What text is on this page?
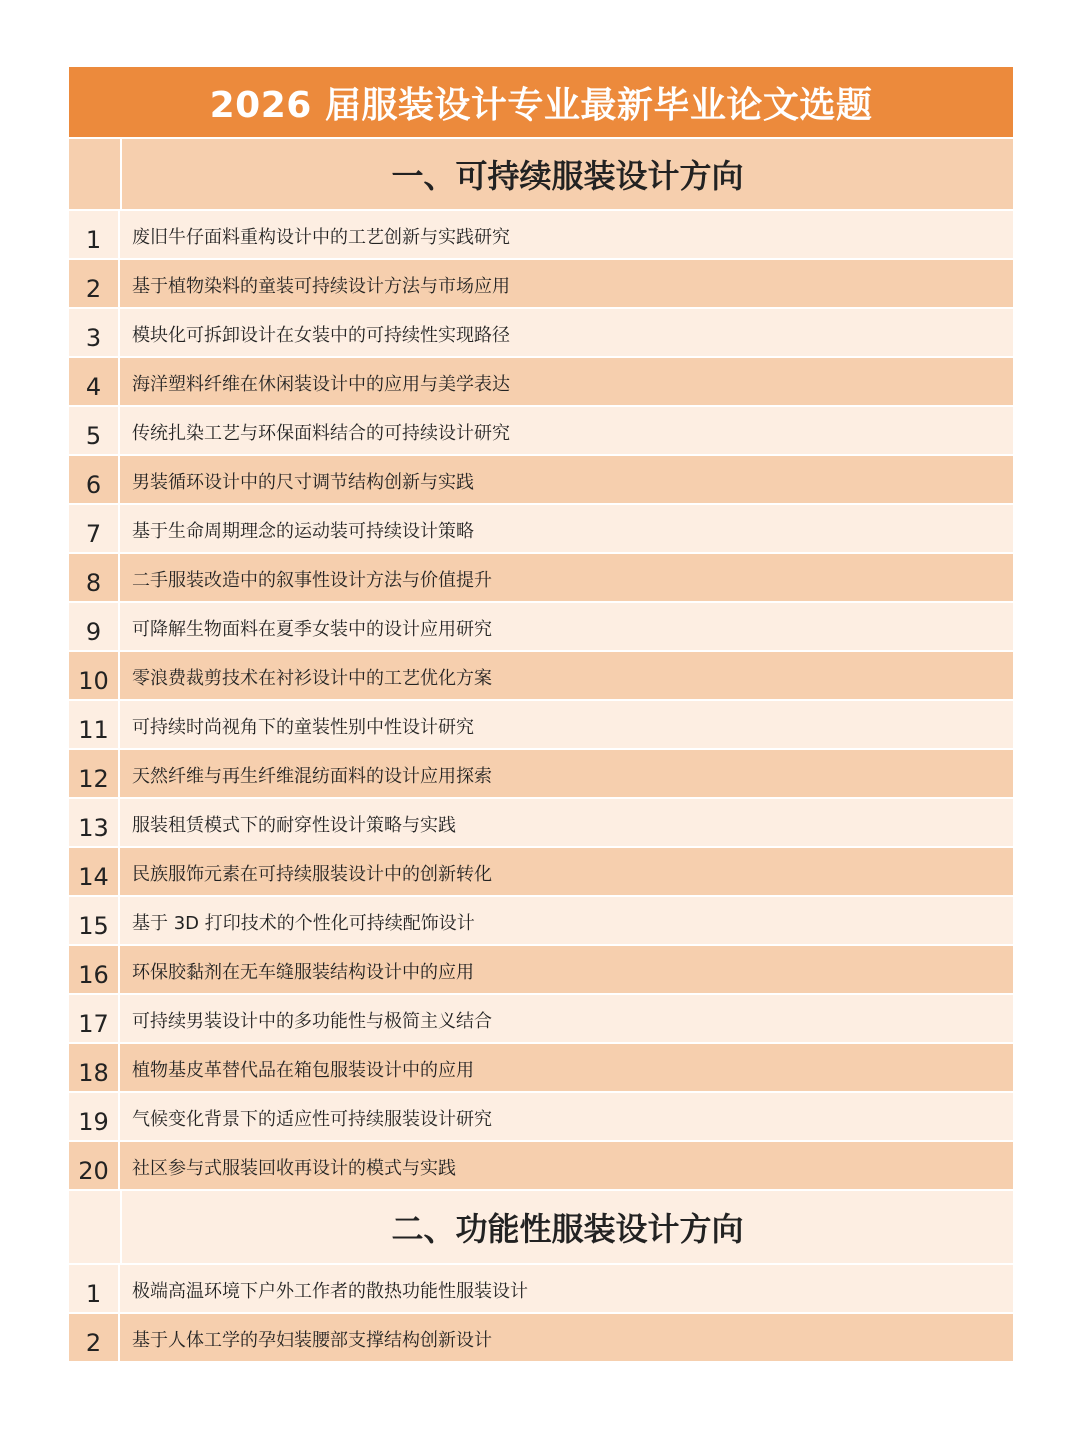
2026 届服装设计专业最新毕业论文选题
一、可持续服装设计方向
1	废旧牛仔面料重构设计中的工艺创新与实践研究
2	基于植物染料的童装可持续设计方法与市场应用
3	模块化可拆卸设计在女装中的可持续性实现路径
4	海洋塑料纤维在休闲装设计中的应用与美学表达
5	传统扎染工艺与环保面料结合的可持续设计研究
6	男装循环设计中的尺寸调节结构创新与实践
7	基于生命周期理念的运动装可持续设计策略
8	二手服装改造中的叙事性设计方法与价值提升
9	可降解生物面料在夏季女装中的设计应用研究
10	零浪费裁剪技术在衬衫设计中的工艺优化方案
11	可持续时尚视角下的童装性别中性设计研究
12	天然纤维与再生纤维混纺面料的设计应用探索
13	服装租赁模式下的耐穿性设计策略与实践
14	民族服饰元素在可持续服装设计中的创新转化
15	基于 3D 打印技术的个性化可持续配饰设计
16	环保胶黏剂在无车缝服装结构设计中的应用
17	可持续男装设计中的多功能性与极简主义结合
18	植物基皮革替代品在箱包服装设计中的应用
19	气候变化背景下的适应性可持续服装设计研究
20	社区参与式服装回收再设计的模式与实践
二、功能性服装设计方向
1	极端高温环境下户外工作者的散热功能性服装设计
2	基于人体工学的孕妇装腰部支撑结构创新设计
